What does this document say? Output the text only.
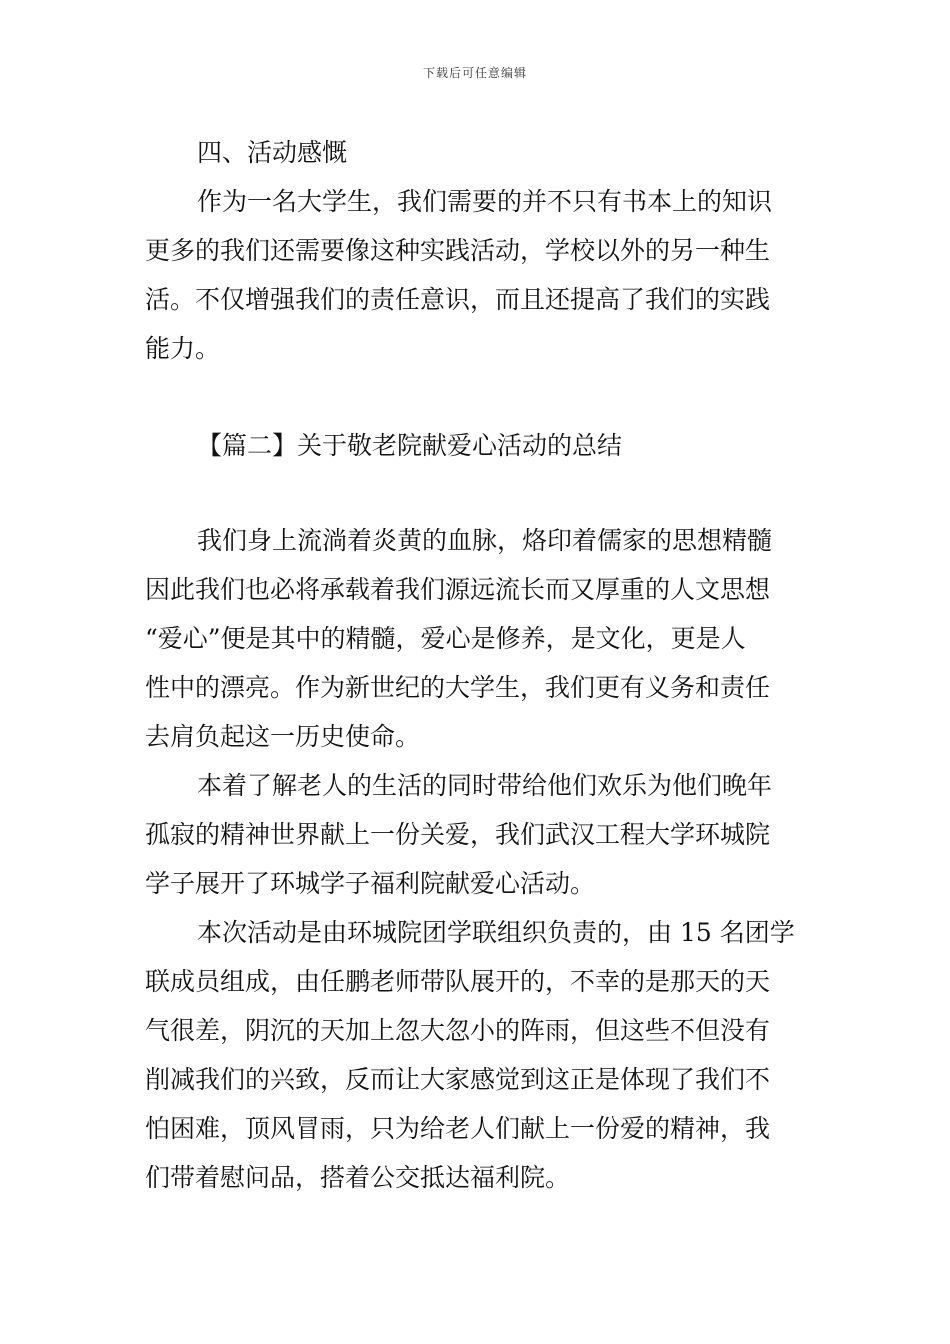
下载后可任意编辑
四、活动感慨
作为一名大学生，我们需要的并不只有书本上的知识
更多的我们还需要像这种实践活动，学校以外的另一种生
活。不仅增强我们的责任意识，而且还提高了我们的实践
能力。
【篇二】关于敬老院献爱心活动的总结
我们身上流淌着炎黄的血脉，烙印着儒家的思想精髓
因此我们也必将承载着我们源远流长而又厚重的人文思想
“爱心”便是其中的精髓，爱心是修养，是文化，更是人
性中的漂亮。作为新世纪的大学生，我们更有义务和责任
去肩负起这一历史使命。
本着了解老人的生活的同时带给他们欢乐为他们晚年
孤寂的精神世界献上一份关爱，我们武汉工程大学环城院
学子展开了环城学子福利院献爱心活动。
本次活动是由环城院团学联组织负责的，由 15 名团学
联成员组成，由任鹏老师带队展开的，不幸的是那天的天
气很差，阴沉的天加上忽大忽小的阵雨，但这些不但没有
削减我们的兴致，反而让大家感觉到这正是体现了我们不
怕困难，顶风冒雨，只为给老人们献上一份爱的精神，我
们带着慰问品，搭着公交抵达福利院。
